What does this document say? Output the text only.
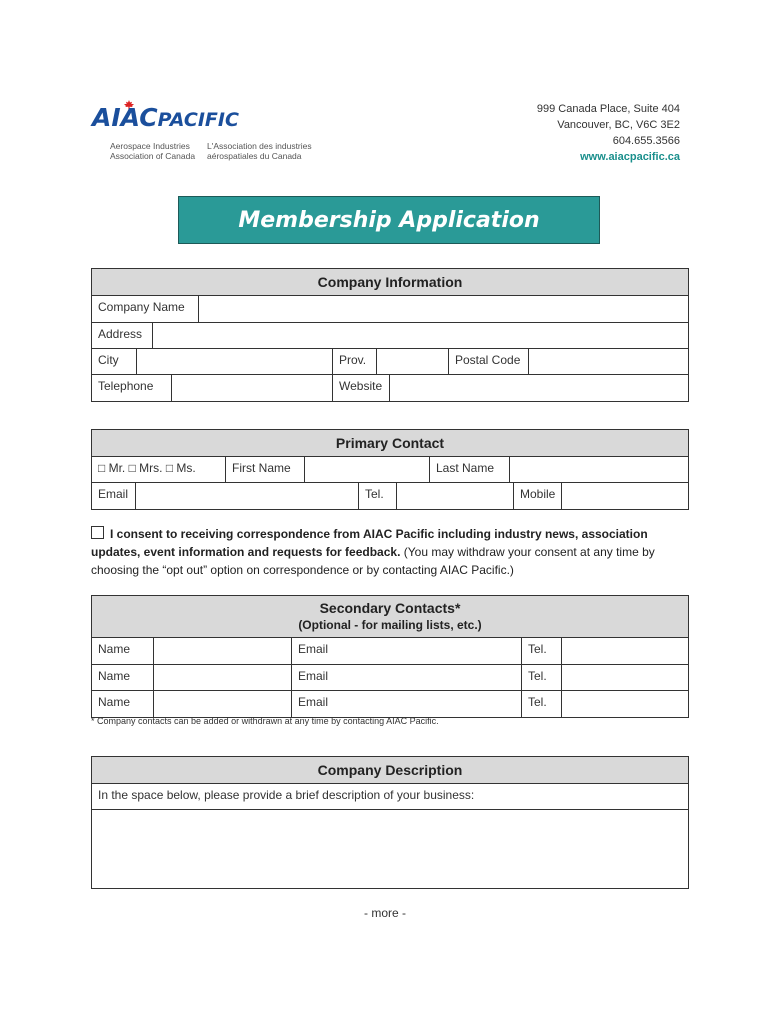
AIACPACIFIC
Aerospace Industries
Association of Canada
L'Association des industries
aérospatiales du Canada
999 Canada Place, Suite 404
Vancouver, BC, V6C 3E2
604.655.3566
www.aiacpacific.ca
Membership Application
Company Information
Company Name
Address
City	Prov.	Postal Code
Telephone	Website
Primary Contact
□ Mr. □ Mrs. □ Ms.	First Name	Last Name
Email	Tel.	Mobile
I consent to receiving correspondence from AIAC Pacific including industry news, association updates, event information and requests for feedback. (You may withdraw your consent at any time by choosing the “opt out” option on correspondence or by contacting AIAC Pacific.)
Secondary Contacts*
(Optional - for mailing lists, etc.)
Name	Email	Tel.
Name	Email	Tel.
Name	Email	Tel.
* Company contacts can be added or withdrawn at any time by contacting AIAC Pacific.
Company Description
In the space below, please provide a brief description of your business:
- more -
